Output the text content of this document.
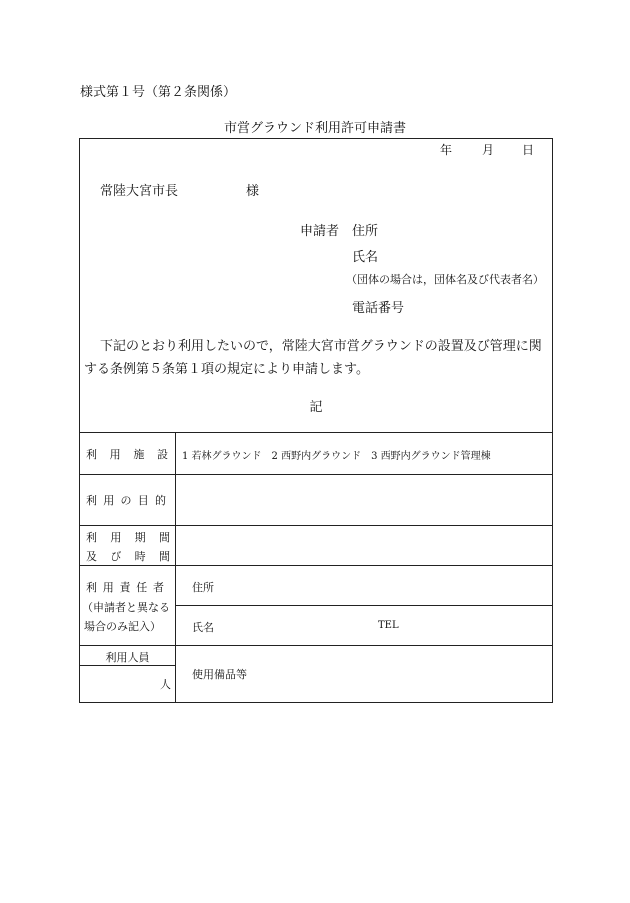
様式第１号（第２条関係）
市営グラウンド利用許可申請書
年 月 日
常陸大宮市長	様
申請者 住所
氏名
（団体の場合は，団体名及び代表者名）
電話番号
下記のとおり利用したいので，常陸大宮市営グラウンドの設置及び管理に関
する条例第５条第１項の規定により申請します。
記
利 用 施 設 1 若林グラウンド　2 西野内グラウンド　3 西野内グラウンド管理棟
利 用 の 目 的
利 用 期 間
及 び 時 間
利 用 責 任 者
（申請者と異なる
場合のみ記入）
住所
氏名	TEL
利用人員
人
使用備品等
